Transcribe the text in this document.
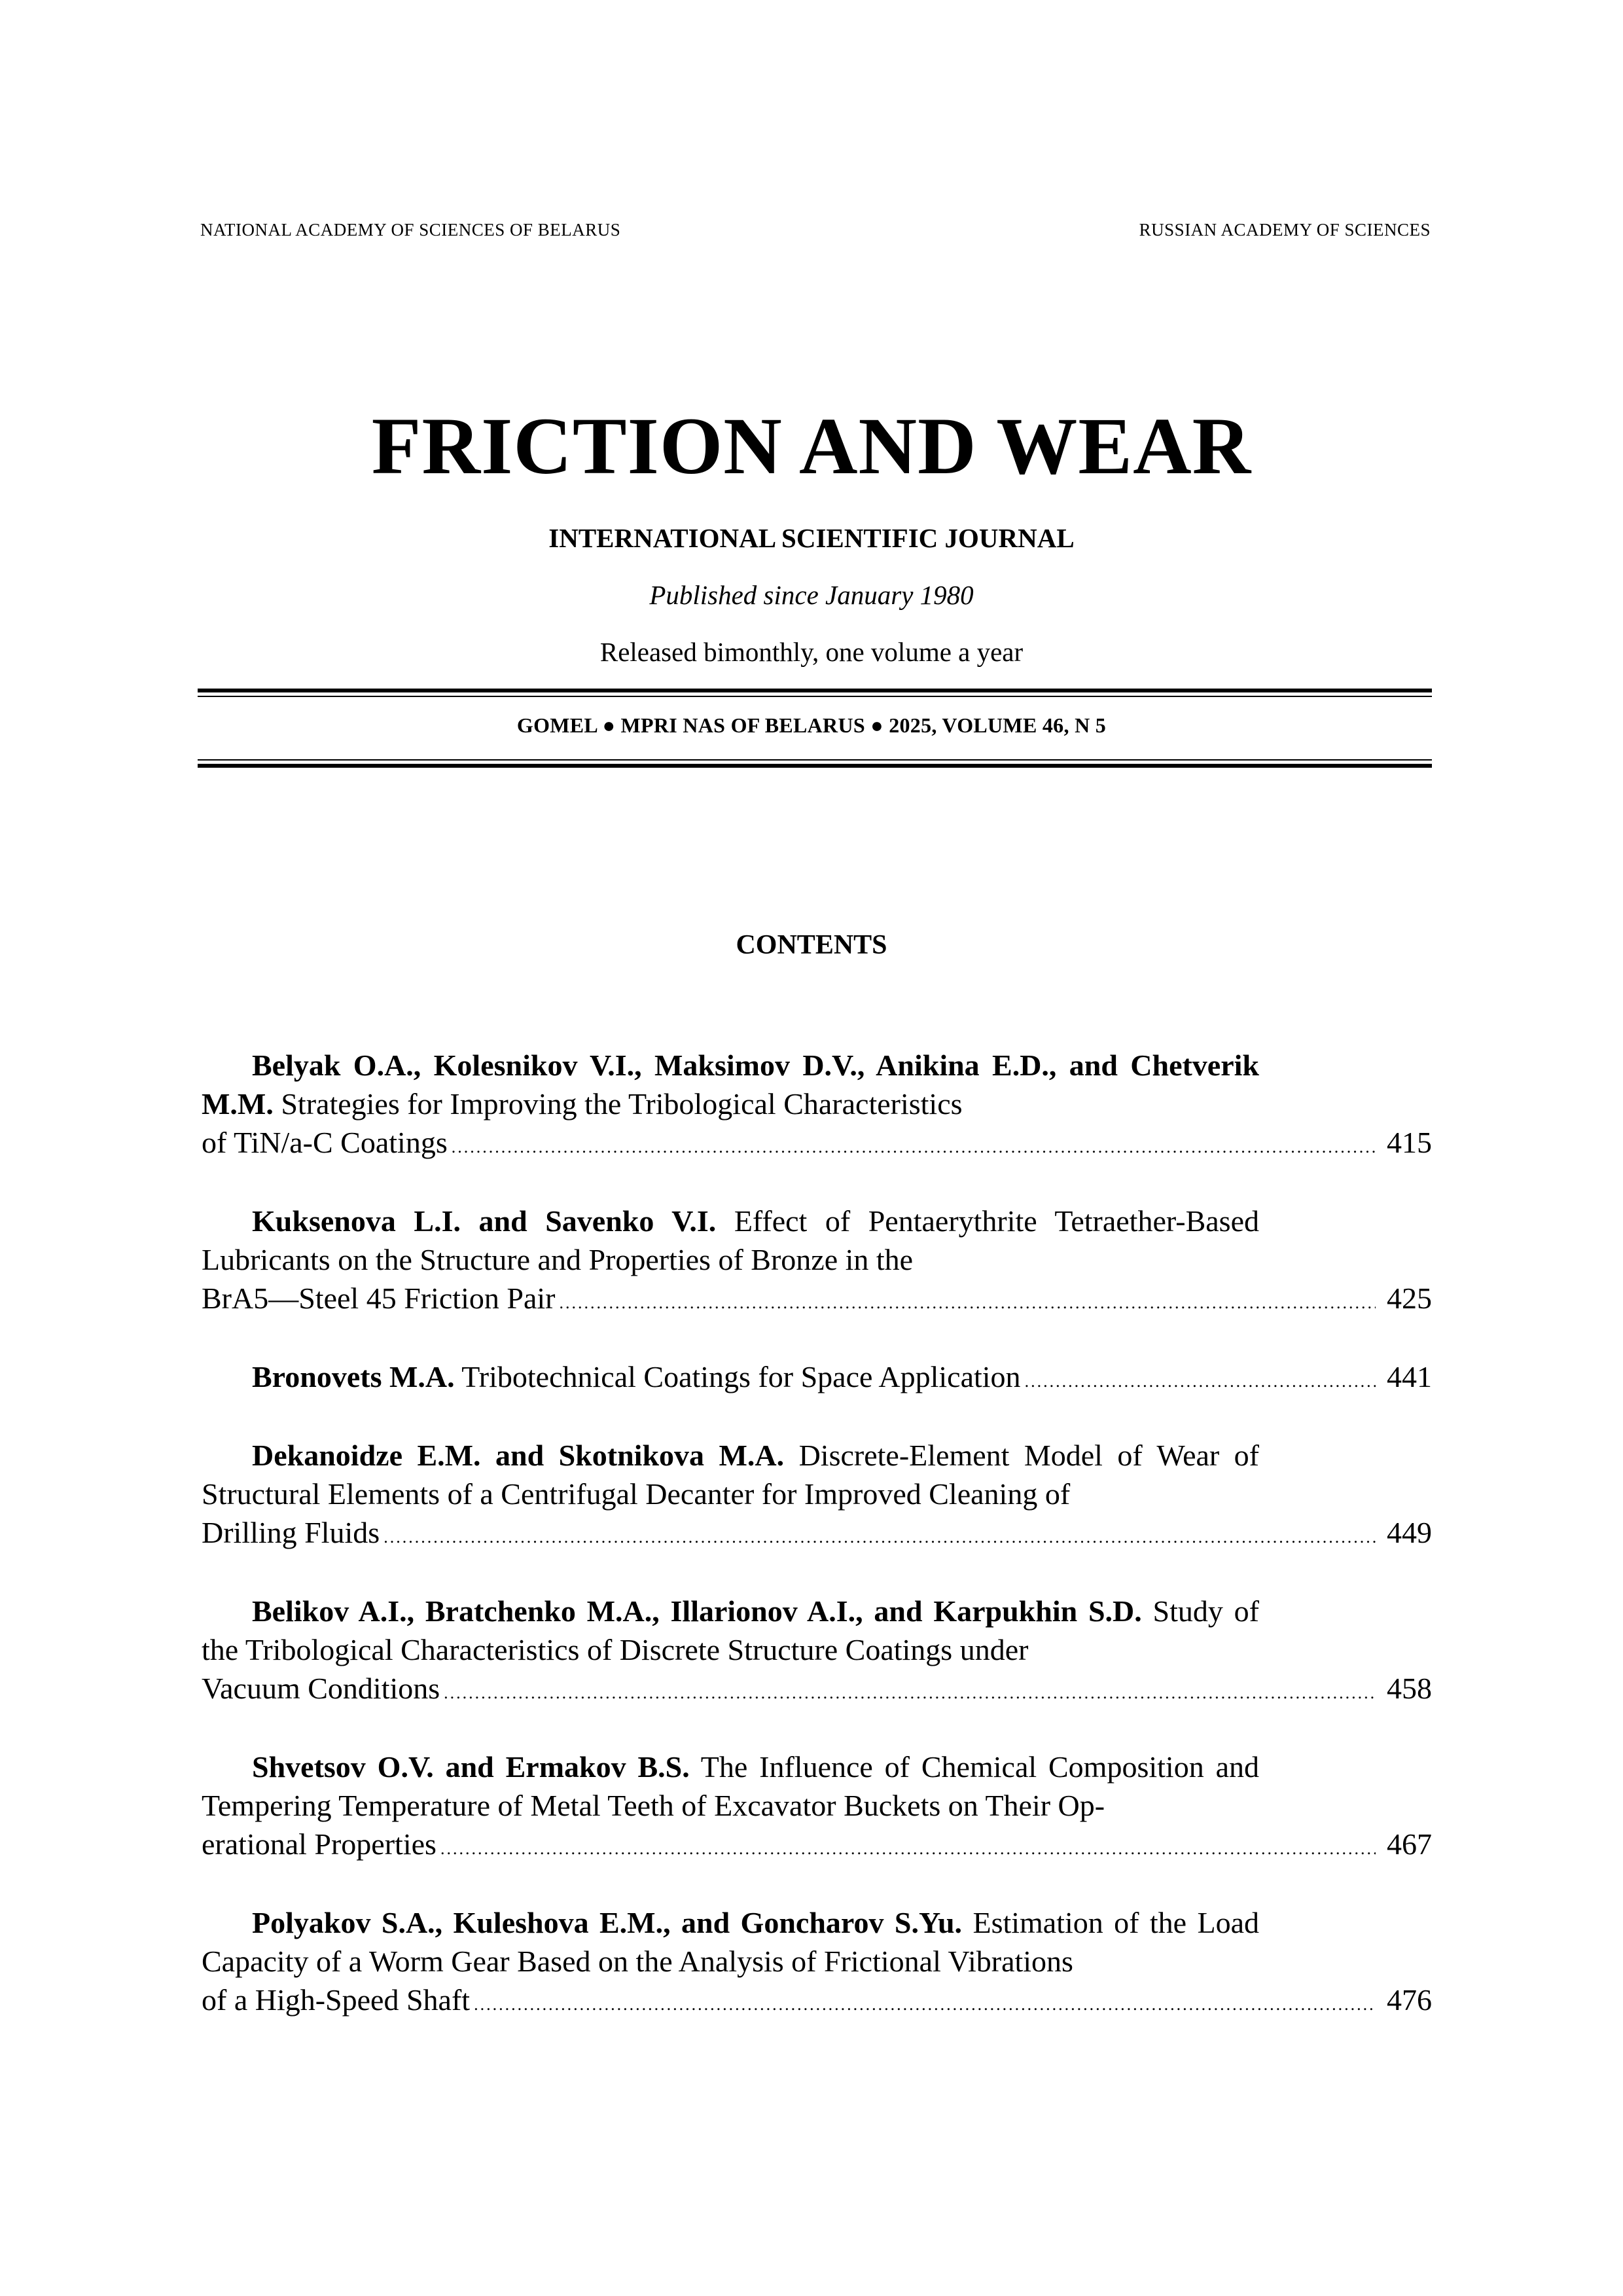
NATIONAL ACADEMY OF SCIENCES OF BELARUS	RUSSIAN ACADEMY OF SCIENCES
FRICTION AND WEAR
INTERNATIONAL SCIENTIFIC JOURNAL
Published since January 1980
Released bimonthly, one volume a year
GOMEL ● MPRI NAS OF BELARUS ● 2025, VOLUME 46, N 5
CONTENTS
Belyak O.A., Kolesnikov V.I., Maksimov D.V., Anikina E.D., and Chetverik M.M. Strategies for Improving the Tribological Characteristics
of TiN/a-C Coatings .....	415
Kuksenova L.I. and Savenko V.I. Effect of Pentaerythrite Tetraether-Based Lubricants on the Structure and Properties of Bronze in the
BrA5—Steel 45 Friction Pair .....	425
Bronovets M.A. Tribotechnical Coatings for Space Application .....	441
Dekanoidze E.M. and Skotnikova M.A. Discrete-Element Model of Wear of Structural Elements of a Centrifugal Decanter for Improved Cleaning of
Drilling Fluids .....	449
Belikov A.I., Bratchenko M.A., Illarionov A.I., and Karpukhin S.D. Study of the Tribological Characteristics of Discrete Structure Coatings under
Vacuum Conditions .....	458
Shvetsov O.V. and Ermakov B.S. The Influence of Chemical Composition and Tempering Temperature of Metal Teeth of Excavator Buckets on Their Op-
erational Properties .....	467
Polyakov S.A., Kuleshova E.M., and Goncharov S.Yu. Estimation of the Load Capacity of a Worm Gear Based on the Analysis of Frictional Vibrations
of a High-Speed Shaft .....	476
